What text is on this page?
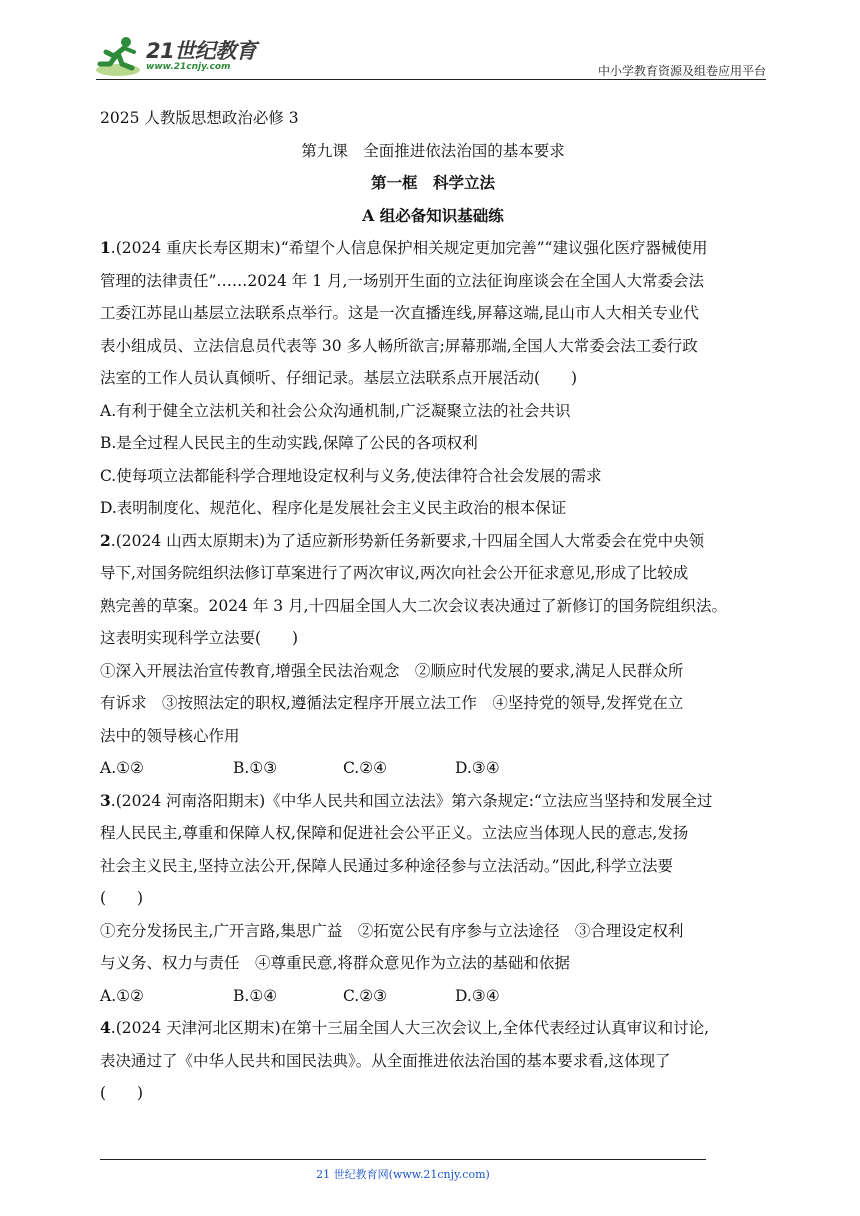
21世纪教育
www.21cnjy.com	中小学教育资源及组卷应用平台

2025 人教版思想政治必修 3

第九课　全面推进依法治国的基本要求

第一框　科学立法

A 组必备知识基础练

1.(2024 重庆长寿区期末)“希望个人信息保护相关规定更加完善”“建议强化医疗器械使用

管理的法律责任”……2024 年 1 月,一场别开生面的立法征询座谈会在全国人大常委会法

工委江苏昆山基层立法联系点举行。这是一次直播连线,屏幕这端,昆山市人大相关专业代

表小组成员、立法信息员代表等 30 多人畅所欲言;屏幕那端,全国人大常委会法工委行政

法室的工作人员认真倾听、仔细记录。基层立法联系点开展活动(　　)

A.有利于健全立法机关和社会公众沟通机制,广泛凝聚立法的社会共识

B.是全过程人民民主的生动实践,保障了公民的各项权利

C.使每项立法都能科学合理地设定权利与义务,使法律符合社会发展的需求

D.表明制度化、规范化、程序化是发展社会主义民主政治的根本保证

2.(2024 山西太原期末)为了适应新形势新任务新要求,十四届全国人大常委会在党中央领

导下,对国务院组织法修订草案进行了两次审议,两次向社会公开征求意见,形成了比较成

熟完善的草案。2024 年 3 月,十四届全国人大二次会议表决通过了新修订的国务院组织法。

这表明实现科学立法要(　　)

①深入开展法治宣传教育,增强全民法治观念　②顺应时代发展的要求,满足人民群众所

有诉求　③按照法定的职权,遵循法定程序开展立法工作　④坚持党的领导,发挥党在立

法中的领导核心作用

A.①②	B.①③	C.②④	D.③④

3.(2024 河南洛阳期末)《中华人民共和国立法法》第六条规定:“立法应当坚持和发展全过

程人民民主,尊重和保障人权,保障和促进社会公平正义。立法应当体现人民的意志,发扬

社会主义民主,坚持立法公开,保障人民通过多种途径参与立法活动。”因此,科学立法要

(　　)

①充分发扬民主,广开言路,集思广益　②拓宽公民有序参与立法途径　③合理设定权利

与义务、权力与责任　④尊重民意,将群众意见作为立法的基础和依据

A.①②	B.①④	C.②③	D.③④

4.(2024 天津河北区期末)在第十三届全国人大三次会议上,全体代表经过认真审议和讨论,

表决通过了《中华人民共和国民法典》。从全面推进依法治国的基本要求看,这体现了

(　　)

21 世纪教育网(www.21cnjy.com)
